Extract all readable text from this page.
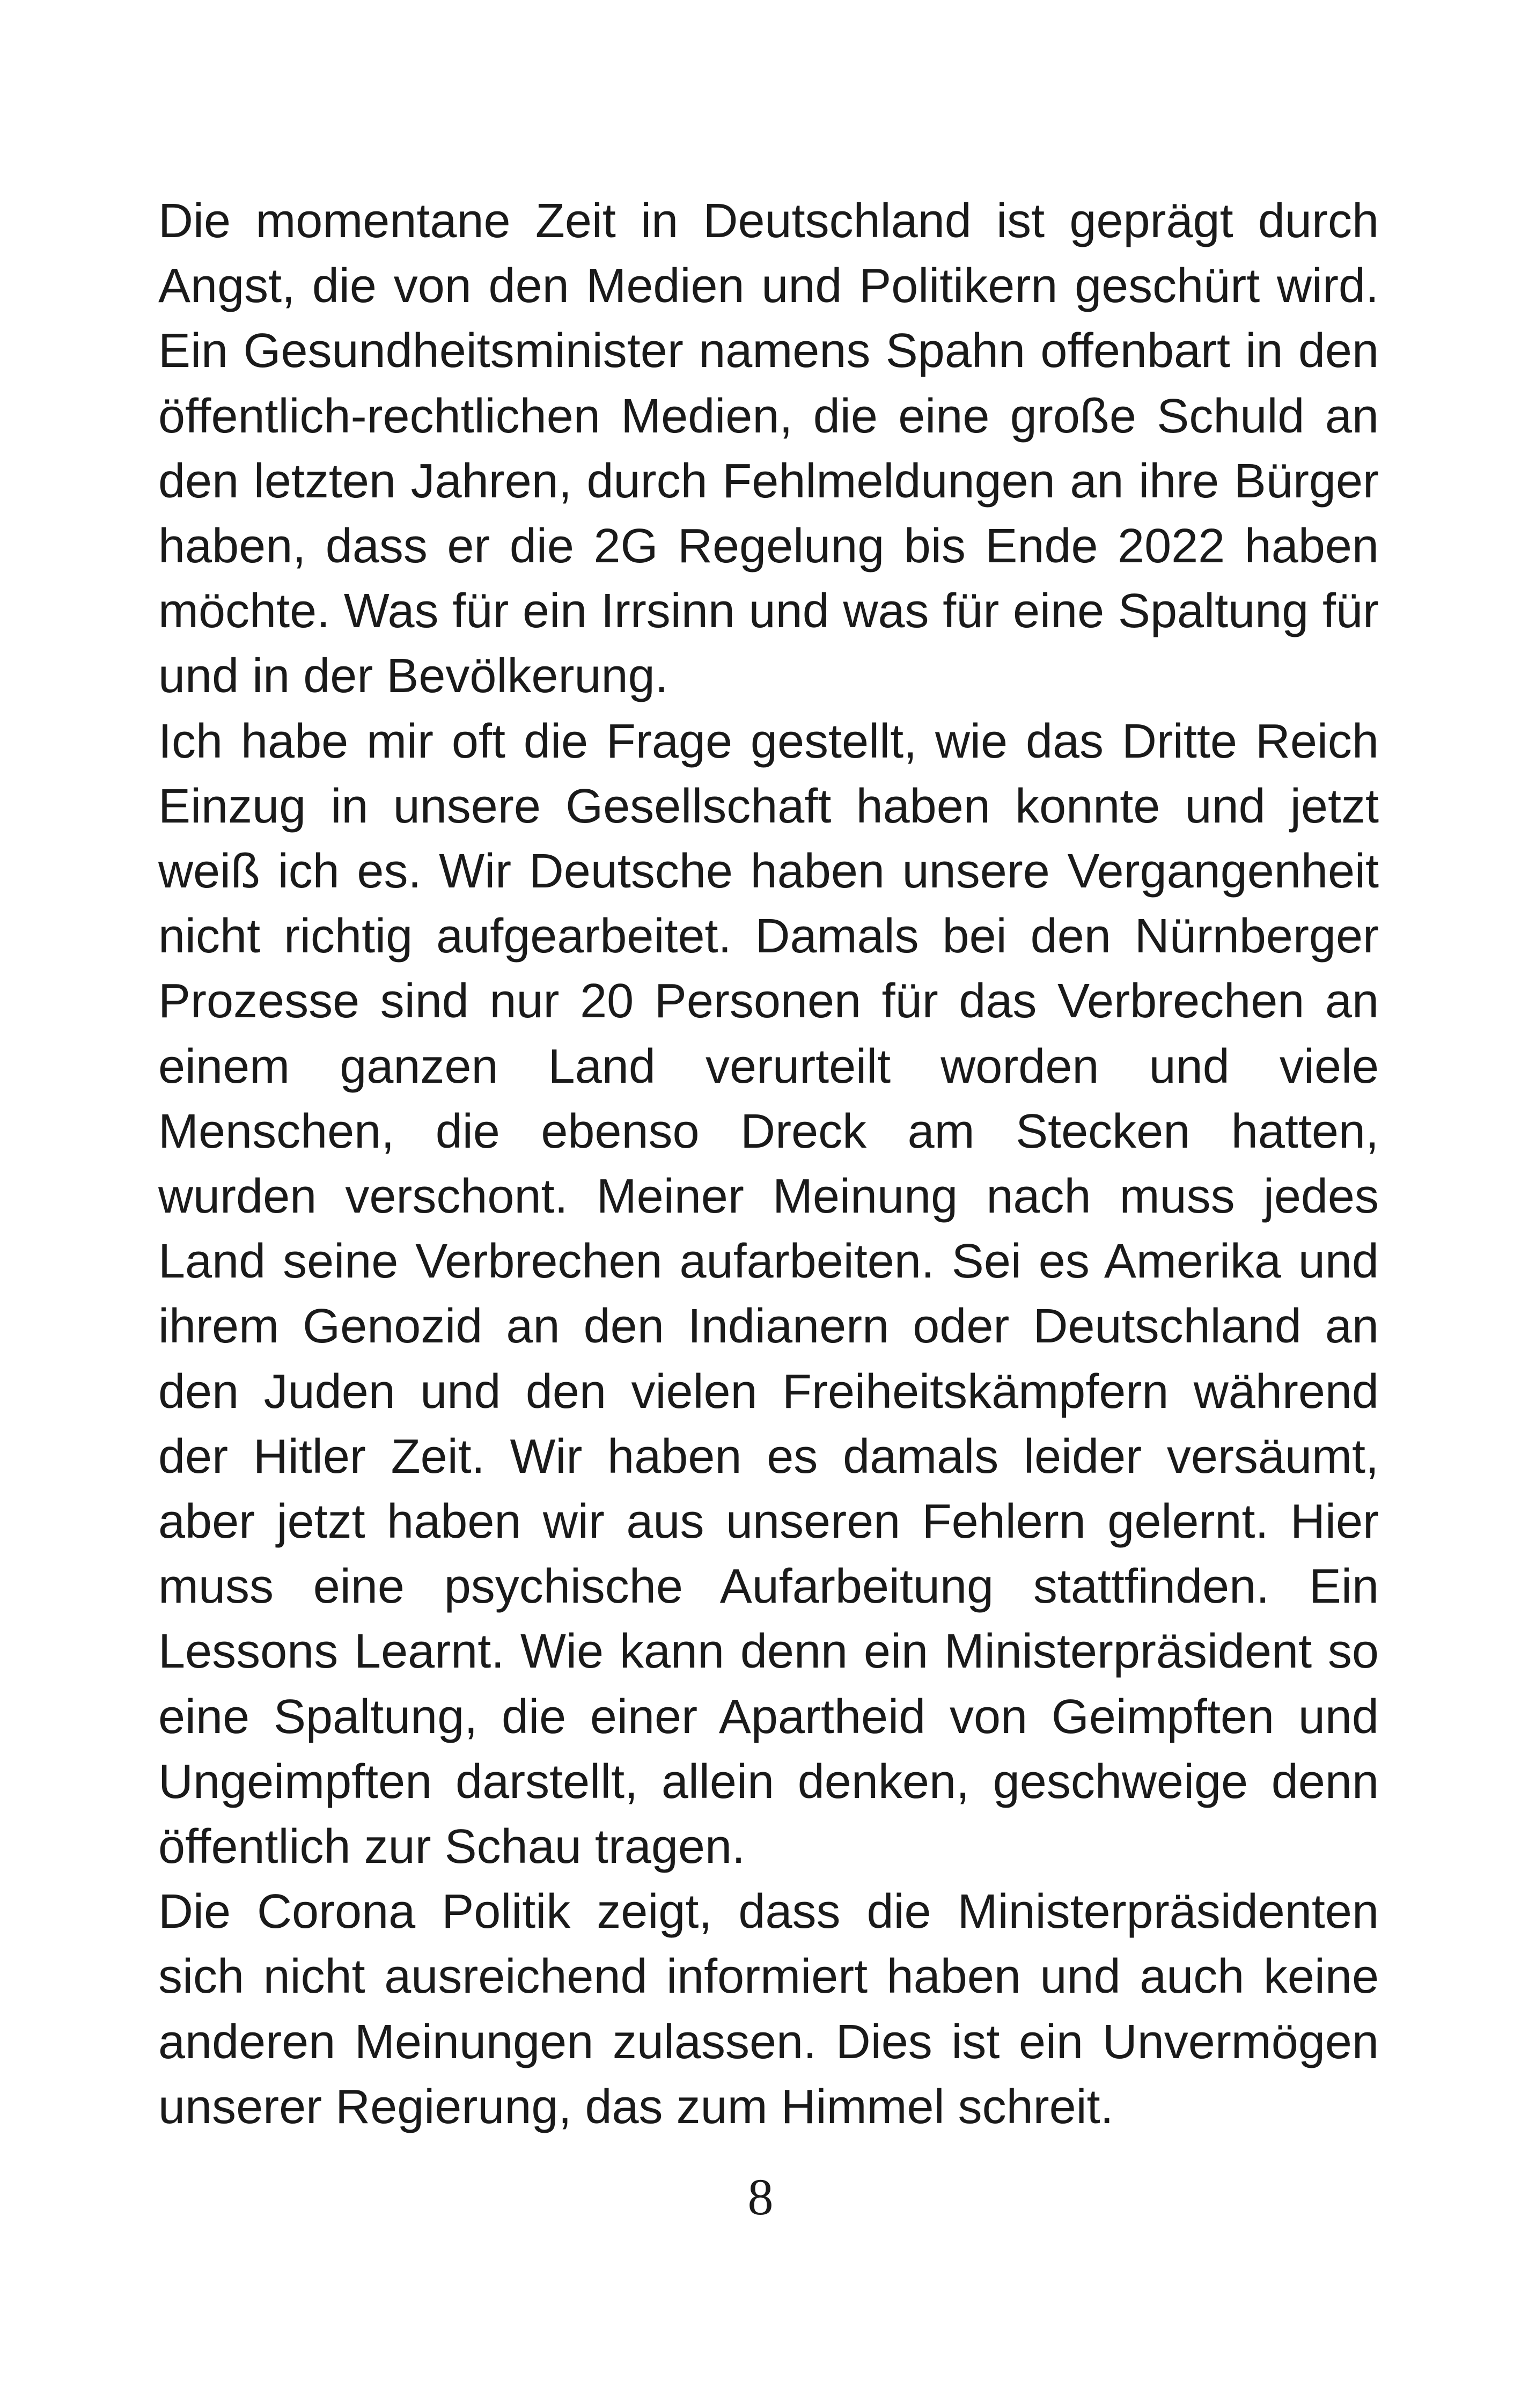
Die momentane Zeit in Deutschland ist geprägt durch Angst, die von den Medien und Politikern geschürt wird. Ein Gesundheitsminister namens Spahn offenbart in den öffentlich-rechtlichen Medien, die eine große Schuld an den letzten Jahren, durch Fehlmeldungen an ihre Bürger haben, dass er die 2G Regelung bis Ende 2022 haben möchte. Was für ein Irrsinn und was für eine Spaltung für und in der Bevölkerung.

Ich habe mir oft die Frage gestellt, wie das Dritte Reich Einzug in unsere Gesellschaft haben konnte und jetzt weiß ich es. Wir Deutsche haben unsere Vergangenheit nicht richtig aufgearbeitet. Damals bei den Nürnberger Prozesse sind nur 20 Personen für das Verbrechen an einem ganzen Land verurteilt worden und viele Menschen, die ebenso Dreck am Stecken hatten, wurden verschont. Meiner Meinung nach muss jedes Land seine Verbrechen aufarbeiten. Sei es Amerika und ihrem Genozid an den Indianern oder Deutschland an den Juden und den vielen Freiheitskämpfern während der Hitler Zeit. Wir haben es damals leider versäumt, aber jetzt haben wir aus unseren Fehlern gelernt. Hier muss eine psychische Aufarbeitung stattfinden. Ein Lessons Learnt. Wie kann denn ein Ministerpräsident so eine Spaltung, die einer Apartheid von Geimpften und Ungeimpften darstellt, allein denken, geschweige denn öffentlich zur Schau tragen.

Die Corona Politik zeigt, dass die Ministerpräsidenten sich nicht ausreichend informiert haben und auch keine anderen Meinungen zulassen. Dies ist ein Unvermögen unserer Regierung, das zum Himmel schreit.

8
